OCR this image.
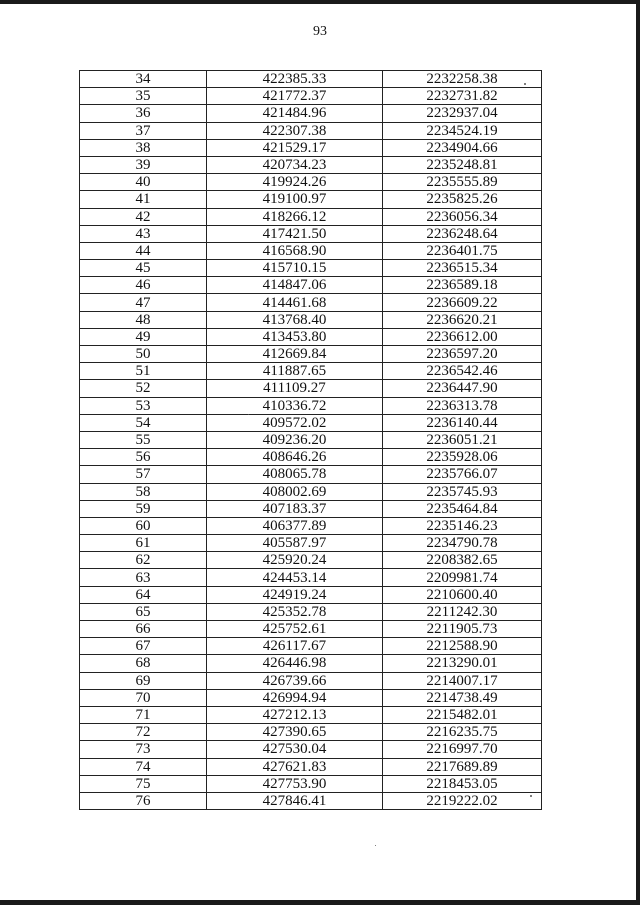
93
34	422385.33	2232258.38
35	421772.37	2232731.82
36	421484.96	2232937.04
37	422307.38	2234524.19
38	421529.17	2234904.66
39	420734.23	2235248.81
40	419924.26	2235555.89
41	419100.97	2235825.26
42	418266.12	2236056.34
43	417421.50	2236248.64
44	416568.90	2236401.75
45	415710.15	2236515.34
46	414847.06	2236589.18
47	414461.68	2236609.22
48	413768.40	2236620.21
49	413453.80	2236612.00
50	412669.84	2236597.20
51	411887.65	2236542.46
52	411109.27	2236447.90
53	410336.72	2236313.78
54	409572.02	2236140.44
55	409236.20	2236051.21
56	408646.26	2235928.06
57	408065.78	2235766.07
58	408002.69	2235745.93
59	407183.37	2235464.84
60	406377.89	2235146.23
61	405587.97	2234790.78
62	425920.24	2208382.65
63	424453.14	2209981.74
64	424919.24	2210600.40
65	425352.78	2211242.30
66	425752.61	2211905.73
67	426117.67	2212588.90
68	426446.98	2213290.01
69	426739.66	2214007.17
70	426994.94	2214738.49
71	427212.13	2215482.01
72	427390.65	2216235.75
73	427530.04	2216997.70
74	427621.83	2217689.89
75	427753.90	2218453.05
76	427846.41	2219222.02
